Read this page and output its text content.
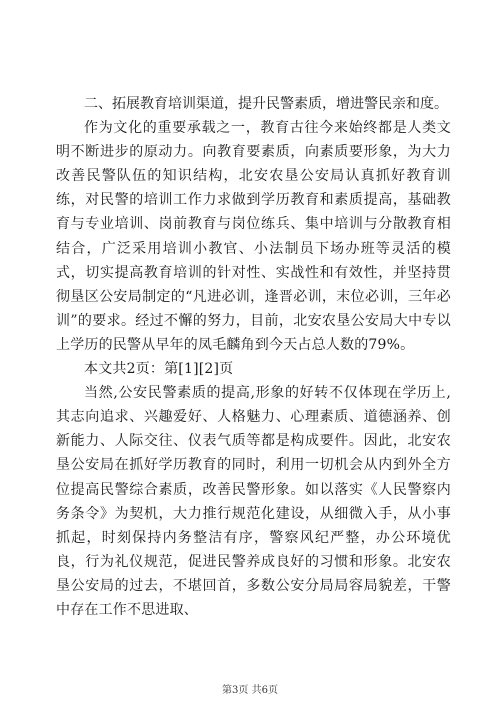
二、拓展教育培训渠道，提升民警素质，增进警民亲和度。

作为文化的重要承载之一，教育古往今来始终都是人类文明不断进步的原动力。向教育要素质，向素质要形象，为大力改善民警队伍的知识结构，北安农垦公安局认真抓好教育训练，对民警的培训工作力求做到学历教育和素质提高，基础教育与专业培训、岗前教育与岗位练兵、集中培训与分散教育相结合，广泛采用培训小教官、小法制员下场办班等灵活的模式，切实提高教育培训的针对性、实战性和有效性，并坚持贯彻垦区公安局制定的“凡进必训，逢晋必训，末位必训，三年必训”的要求。经过不懈的努力，目前，北安农垦公安局大中专以上学历的民警从早年的凤毛麟角到今天占总人数的79%。

本文共2页：第[1][2]页

当然,公安民警素质的提高,形象的好转不仅体现在学历上,其志向追求、兴趣爱好、人格魅力、心理素质、道德涵养、创新能力、人际交往、仪表气质等都是构成要件。因此，北安农垦公安局在抓好学历教育的同时，利用一切机会从内到外全方位提高民警综合素质，改善民警形象。如以落实《人民警察内务条令》为契机，大力推行规范化建设，从细微入手，从小事抓起，时刻保持内务整洁有序，警察风纪严整，办公环境优良，行为礼仪规范，促进民警养成良好的习惯和形象。北安农垦公安局的过去，不堪回首，多数公安分局局容局貌差，干警中存在工作不思进取、

第3页 共6页
